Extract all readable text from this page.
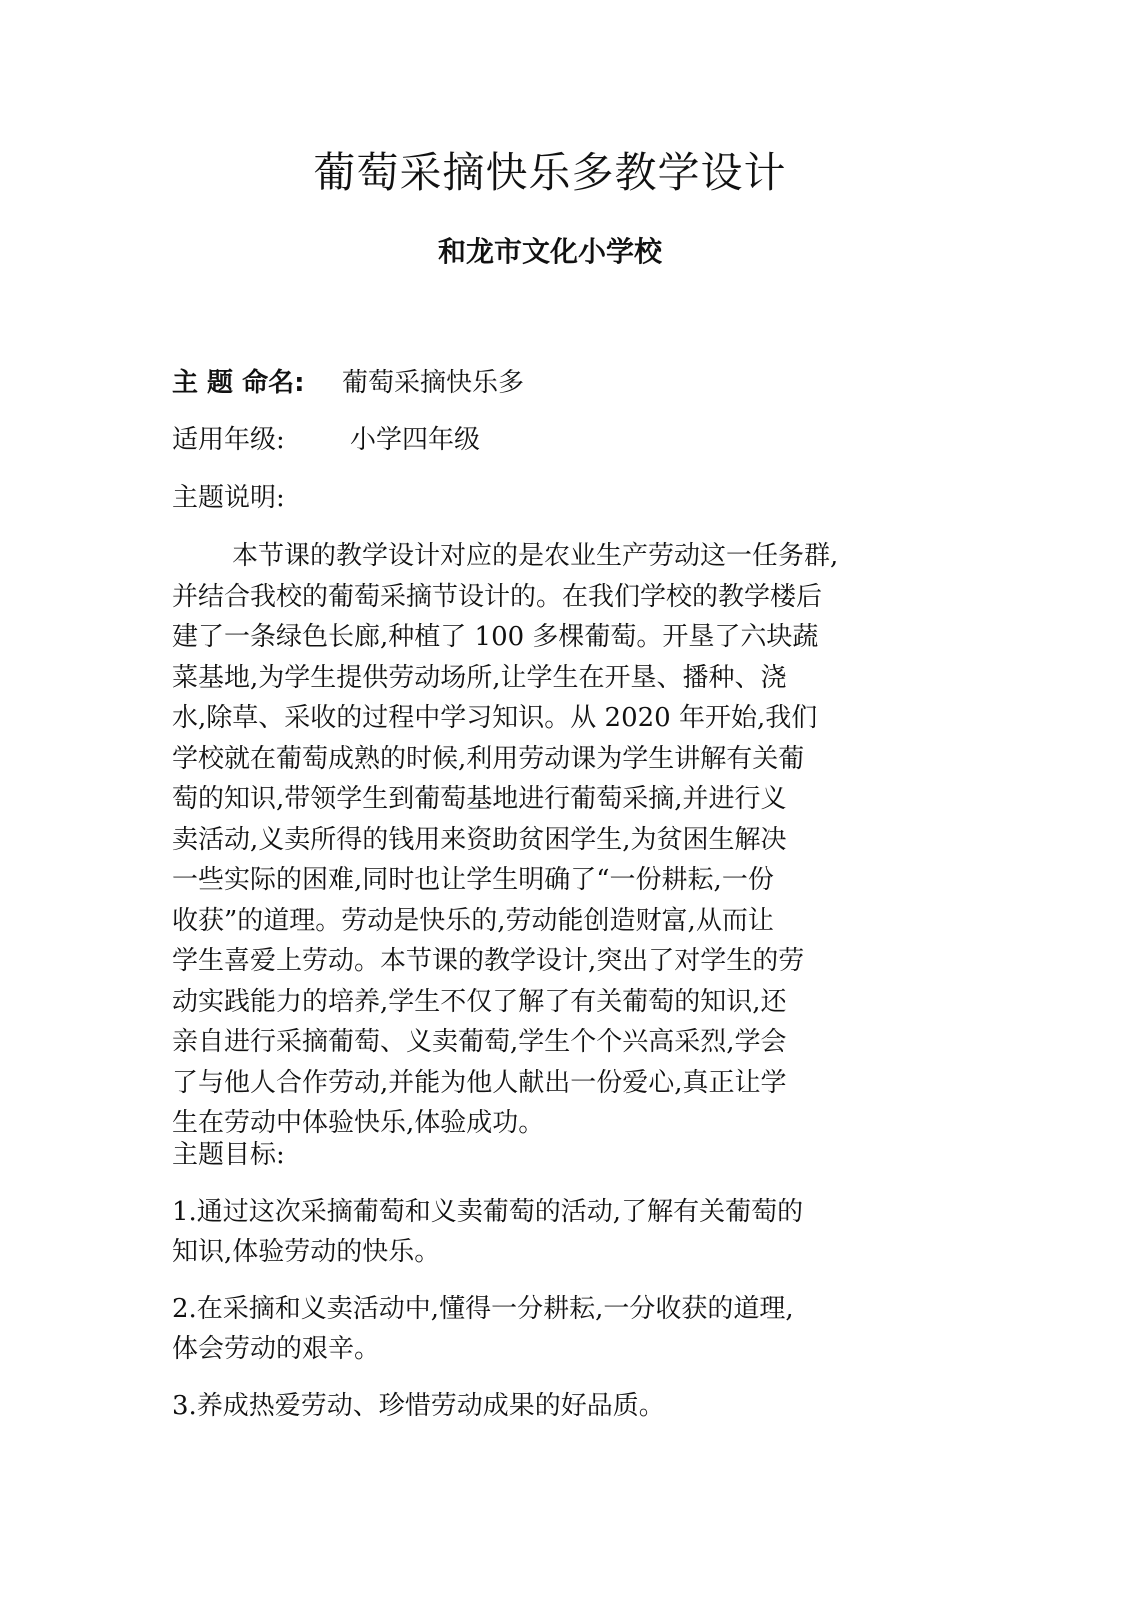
葡萄采摘快乐多教学设计
和龙市文化小学校
主 题 命名: 葡萄采摘快乐多
适用年级:	小学四年级
主题说明:
本节课的教学设计对应的是农业生产劳动这一任务群,
并结合我校的葡萄采摘节设计的。在我们学校的教学楼后
建了一条绿色长廊,种植了 100 多棵葡萄。开垦了六块蔬
菜基地,为学生提供劳动场所,让学生在开垦、播种、浇
水,除草、采收的过程中学习知识。从 2020 年开始,我们
学校就在葡萄成熟的时候,利用劳动课为学生讲解有关葡
萄的知识,带领学生到葡萄基地进行葡萄采摘,并进行义
卖活动,义卖所得的钱用来资助贫困学生,为贫困生解决
一些实际的困难,同时也让学生明确了“一份耕耘,一份
收获”的道理。劳动是快乐的,劳动能创造财富,从而让
学生喜爱上劳动。本节课的教学设计,突出了对学生的劳
动实践能力的培养,学生不仅了解了有关葡萄的知识,还
亲自进行采摘葡萄、义卖葡萄,学生个个兴高采烈,学会
了与他人合作劳动,并能为他人献出一份爱心,真正让学
生在劳动中体验快乐,体验成功。
主题目标:
1.通过这次采摘葡萄和义卖葡萄的活动,了解有关葡萄的
知识,体验劳动的快乐。
2.在采摘和义卖活动中,懂得一分耕耘,一分收获的道理,
体会劳动的艰辛。
3.养成热爱劳动、珍惜劳动成果的好品质。
